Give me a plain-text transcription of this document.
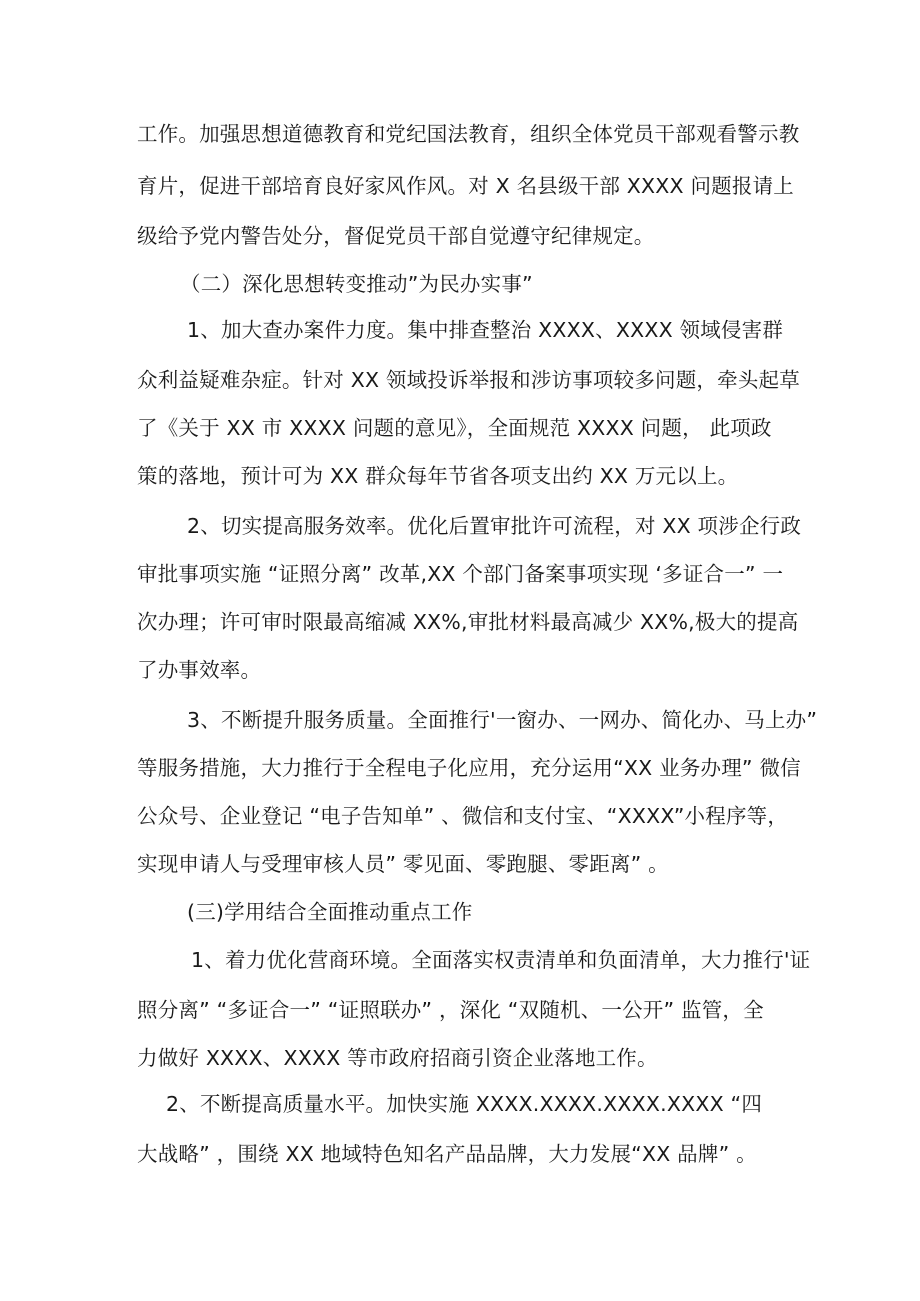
工作。加强思想道德教育和党纪国法教育，组织全体党员干部观看警示教
育片，促进干部培育良好家风作风。对 X 名县级干部 XXXX 问题报请上
级给予党内警告处分，督促党员干部自觉遵守纪律规定。
（二）深化思想转变推动”为民办实事”
1、加大查办案件力度。集中排查整治 XXXX、XXXX 领域侵害群
众利益疑难杂症。针对 XX 领域投诉举报和涉访事项较多问题，牵头起草
了《关于 XX 市 XXXX 问题的意见》，全面规范 XXXX 问题， 此项政
策的落地，预计可为 XX 群众每年节省各项支出约 XX 万元以上。
2、切实提高服务效率。优化后置审批许可流程，对 XX 项涉企行政
审批事项实施 “证照分离” 改革,XX 个部门备案事项实现 ‘多证合一” 一
次办理；许可审时限最高缩减 XX%,审批材料最高减少 XX%,极大的提高
了办事效率。
3、不断提升服务质量。全面推行'一窗办、一网办、简化办、马上办”
等服务措施，大力推行于全程电子化应用，充分运用“XX 业务办理” 微信
公众号、企业登记 “电子告知单” 、微信和支付宝、“XXXX”小程序等，
实现申请人与受理审核人员” 零见面、零跑腿、零距离” 。
(三)学用结合全面推动重点工作
1、着力优化营商环境。全面落实权责清单和负面清单，大力推行'证
照分离” “多证合一” “证照联办” ，深化 “双随机、一公开” 监管，全
力做好 XXXX、XXXX 等市政府招商引资企业落地工作。
2、不断提高质量水平。加快实施 XXXX.XXXX.XXXX.XXXX “四
大战略” ，围绕 XX 地域特色知名产品品牌，大力发展“XX 品牌” 。
